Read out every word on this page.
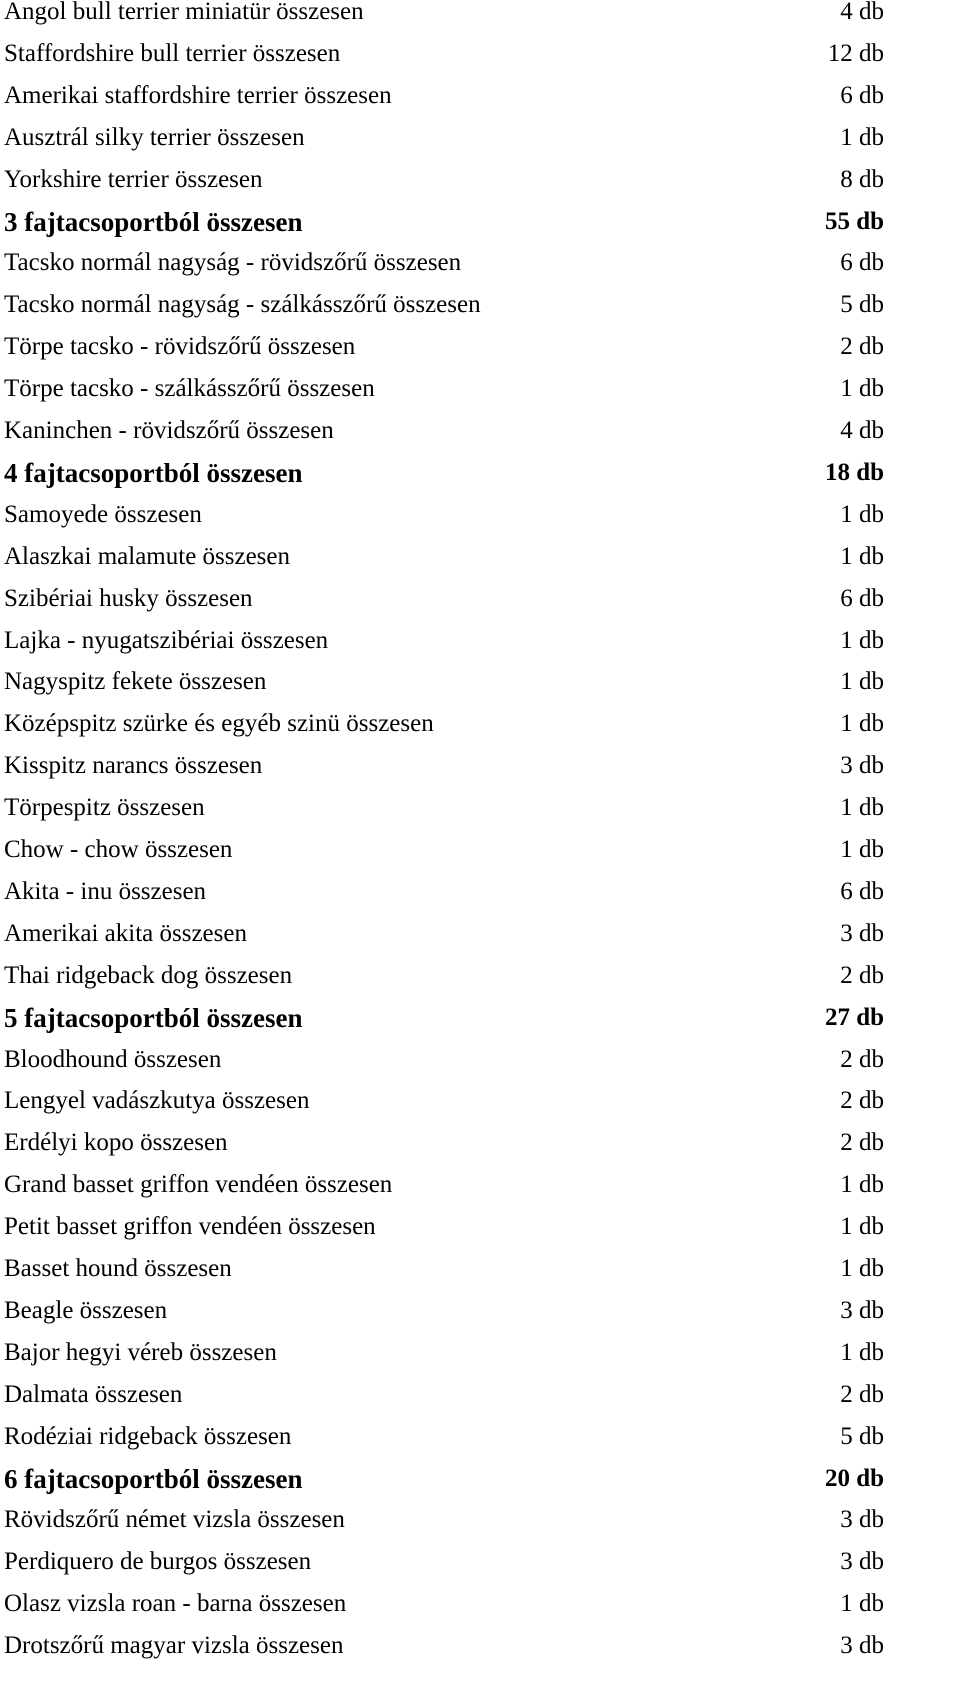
Angol bull terrier miniatür összesen	4 db
Staffordshire bull terrier összesen	12 db
Amerikai staffordshire terrier összesen	6 db
Ausztrál silky terrier összesen	1 db
Yorkshire terrier összesen	8 db
3 fajtacsoportból összesen	55 db
Tacsko normál nagyság - rövidszőrű összesen	6 db
Tacsko normál nagyság - szálkásszőrű összesen	5 db
Törpe tacsko - rövidszőrű összesen	2 db
Törpe tacsko - szálkásszőrű összesen	1 db
Kaninchen - rövidszőrű összesen	4 db
4 fajtacsoportból összesen	18 db
Samoyede összesen	1 db
Alaszkai malamute összesen	1 db
Szibériai husky összesen	6 db
Lajka - nyugatszibériai összesen	1 db
Nagyspitz fekete összesen	1 db
Középspitz szürke és egyéb szinü összesen	1 db
Kisspitz narancs összesen	3 db
Törpespitz összesen	1 db
Chow - chow összesen	1 db
Akita - inu összesen	6 db
Amerikai akita összesen	3 db
Thai ridgeback dog összesen	2 db
5 fajtacsoportból összesen	27 db
Bloodhound összesen	2 db
Lengyel vadászkutya összesen	2 db
Erdélyi kopo összesen	2 db
Grand basset griffon vendéen összesen	1 db
Petit basset griffon vendéen összesen	1 db
Basset hound összesen	1 db
Beagle összesen	3 db
Bajor hegyi véreb összesen	1 db
Dalmata összesen	2 db
Rodéziai ridgeback összesen	5 db
6 fajtacsoportból összesen	20 db
Rövidszőrű német vizsla összesen	3 db
Perdiquero de burgos összesen	3 db
Olasz vizsla roan - barna összesen	1 db
Drotszőrű magyar vizsla összesen	3 db
